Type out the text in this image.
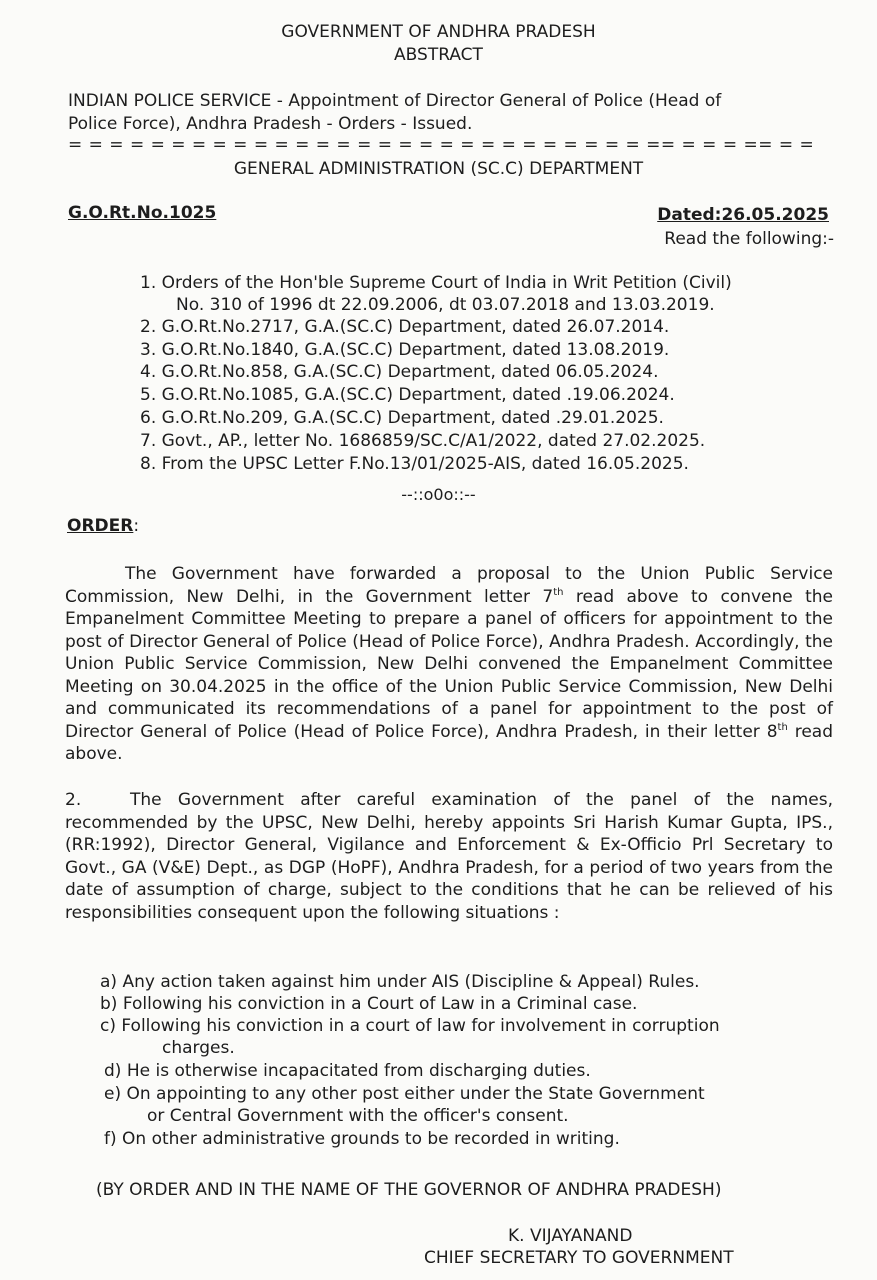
GOVERNMENT OF ANDHRA PRADESH
ABSTRACT
INDIAN POLICE SERVICE - Appointment of Director General of Police (Head of
Police Force), Andhra Pradesh - Orders - Issued.
= = = = = = = = = = = = = = = = = = = = = = = = = = = = == = = = == = =
GENERAL ADMINISTRATION (SC.C) DEPARTMENT
G.O.Rt.No.1025	Dated:26.05.2025
Read the following:-
1. Orders of the Hon'ble Supreme Court of India in Writ Petition (Civil)
No. 310 of 1996 dt 22.09.2006, dt 03.07.2018 and 13.03.2019.
2. G.O.Rt.No.2717, G.A.(SC.C) Department, dated 26.07.2014.
3. G.O.Rt.No.1840, G.A.(SC.C) Department, dated 13.08.2019.
4. G.O.Rt.No.858, G.A.(SC.C) Department, dated 06.05.2024.
5. G.O.Rt.No.1085, G.A.(SC.C) Department, dated .19.06.2024.
6. G.O.Rt.No.209, G.A.(SC.C) Department, dated .29.01.2025.
7. Govt., AP., letter No. 1686859/SC.C/A1/2022, dated 27.02.2025.
8. From the UPSC Letter F.No.13/01/2025-AIS, dated 16.05.2025.
--::o0o::--
ORDER:
The Government have forwarded a proposal to the Union Public Service Commission, New Delhi, in the Government letter 7th read above to convene the Empanelment Committee Meeting to prepare a panel of officers for appointment to the post of Director General of Police (Head of Police Force), Andhra Pradesh. Accordingly, the Union Public Service Commission, New Delhi convened the Empanelment Committee Meeting on 30.04.2025 in the office of the Union Public Service Commission, New Delhi and communicated its recommendations of a panel for appointment to the post of Director General of Police (Head of Police Force), Andhra Pradesh, in their letter 8th read above.
2.	The Government after careful examination of the panel of the names, recommended by the UPSC, New Delhi, hereby appoints Sri Harish Kumar Gupta, IPS., (RR:1992), Director General, Vigilance and Enforcement & Ex-Officio Prl Secretary to Govt., GA (V&E) Dept., as DGP (HoPF), Andhra Pradesh, for a period of two years from the date of assumption of charge, subject to the conditions that he can be relieved of his responsibilities consequent upon the following situations :
a) Any action taken against him under AIS (Discipline & Appeal) Rules.
b) Following his conviction in a Court of Law in a Criminal case.
c) Following his conviction in a court of law for involvement in corruption
charges.
d) He is otherwise incapacitated from discharging duties.
e) On appointing to any other post either under the State Government
or Central Government with the officer's consent.
f) On other administrative grounds to be recorded in writing.
(BY ORDER AND IN THE NAME OF THE GOVERNOR OF ANDHRA PRADESH)
K. VIJAYANAND
CHIEF SECRETARY TO GOVERNMENT
